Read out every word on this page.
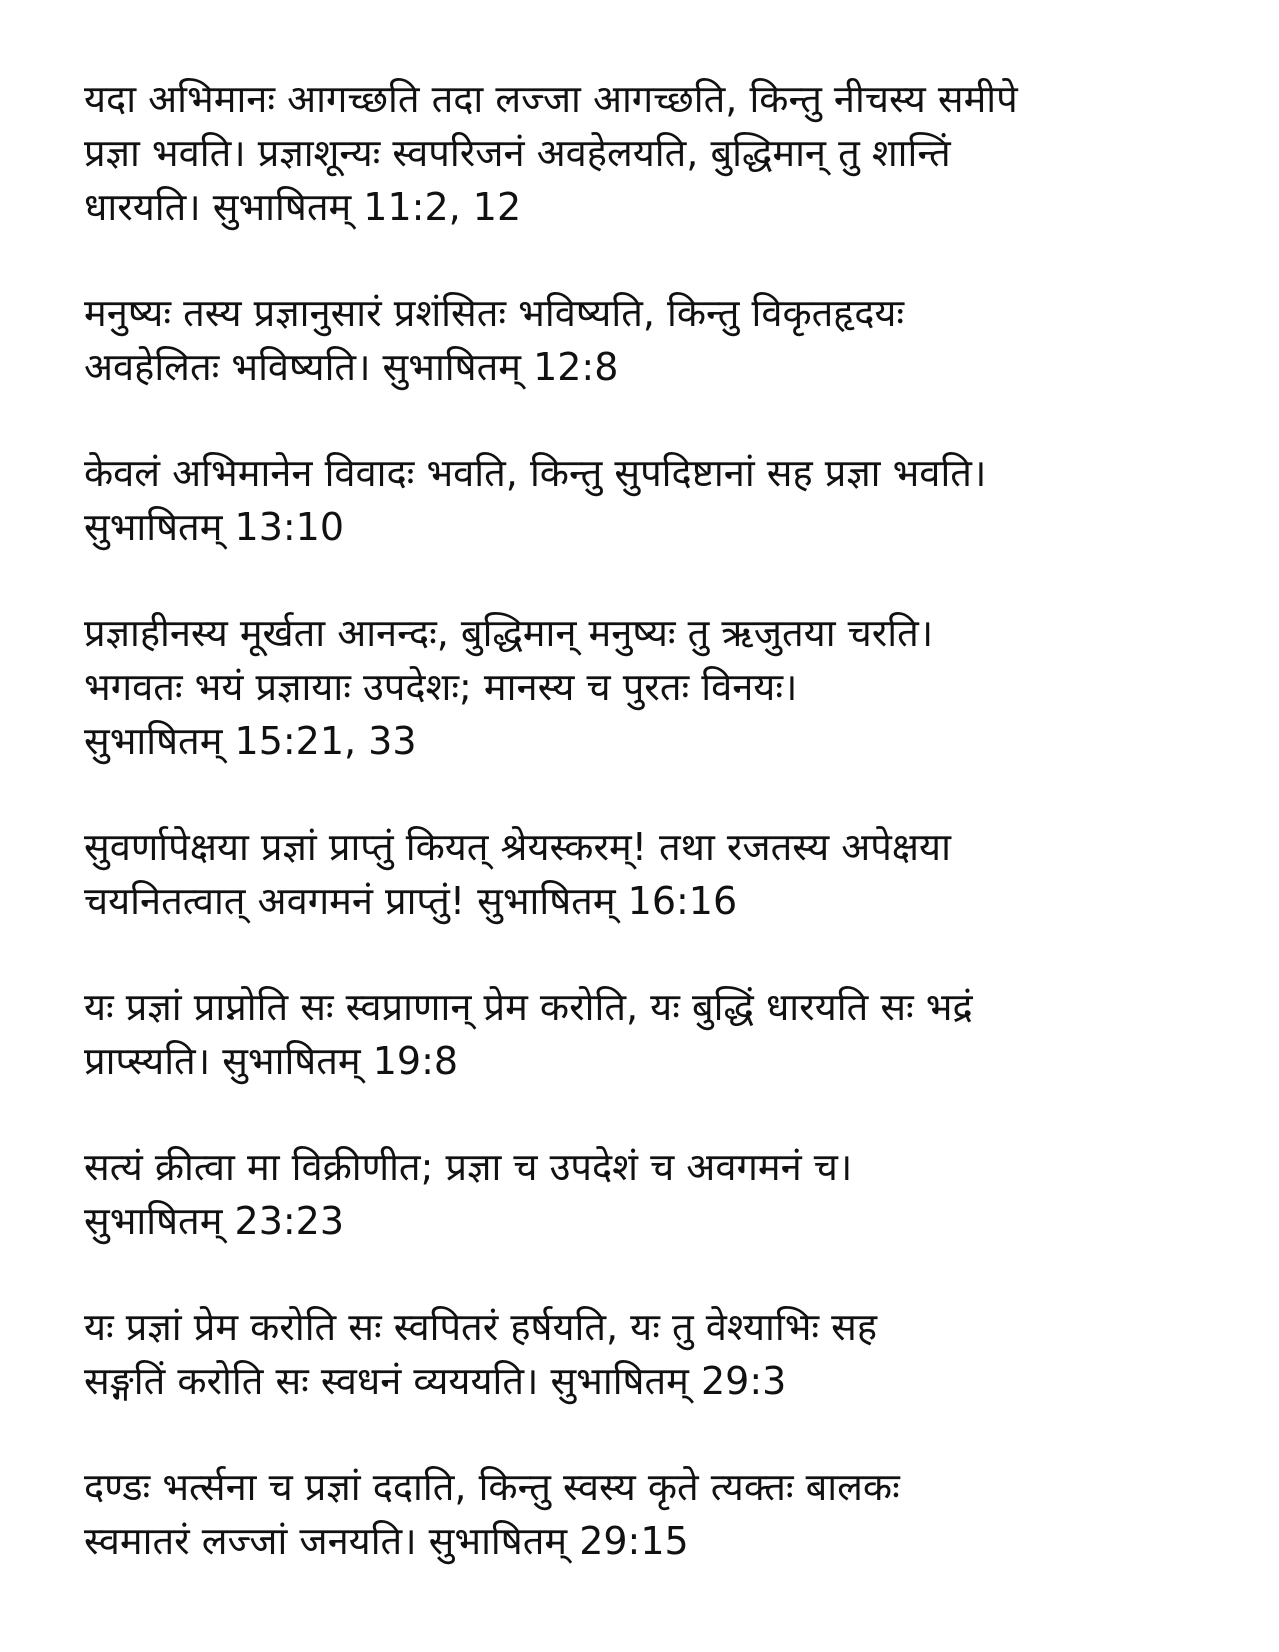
यदा अभिमानः आगच्छति तदा लज्जा आगच्छति, किन्तु नीचस्य समीपे
प्रज्ञा भवति। प्रज्ञाशून्यः स्वपरिजनं अवहेलयति, बुद्धिमान् तु शान्तिं
धारयति। सुभाषितम् 11:2, 12
मनुष्यः तस्य प्रज्ञानुसारं प्रशंसितः भविष्यति, किन्तु विकृतहृदयः
अवहेलितः भविष्यति। सुभाषितम् 12:8
केवलं अभिमानेन विवादः भवति, किन्तु सुपदिष्टानां सह प्रज्ञा भवति।
सुभाषितम् 13:10
प्रज्ञाहीनस्य मूर्खता आनन्दः, बुद्धिमान् मनुष्यः तु ऋजुतया चरति।
भगवतः भयं प्रज्ञायाः उपदेशः; मानस्य च पुरतः विनयः।
सुभाषितम् 15:21, 33
सुवर्णापेक्षया प्रज्ञां प्राप्तुं कियत् श्रेयस्करम्! तथा रजतस्य अपेक्षया
चयनितत्वात् अवगमनं प्राप्तुं! सुभाषितम् 16:16
यः प्रज्ञां प्राप्नोति सः स्वप्राणान् प्रेम करोति, यः बुद्धिं धारयति सः भद्रं
प्राप्स्यति। सुभाषितम् 19:8
सत्यं क्रीत्वा मा विक्रीणीत; प्रज्ञा च उपदेशं च अवगमनं च।
सुभाषितम् 23:23
यः प्रज्ञां प्रेम करोति सः स्वपितरं हर्षयति, यः तु वेश्याभिः सह
सङ्गतिं करोति सः स्वधनं व्यययति। सुभाषितम् 29:3
दण्डः भर्त्सना च प्रज्ञां ददाति, किन्तु स्वस्य कृते त्यक्तः बालकः
स्वमातरं लज्जां जनयति। सुभाषितम् 29:15
